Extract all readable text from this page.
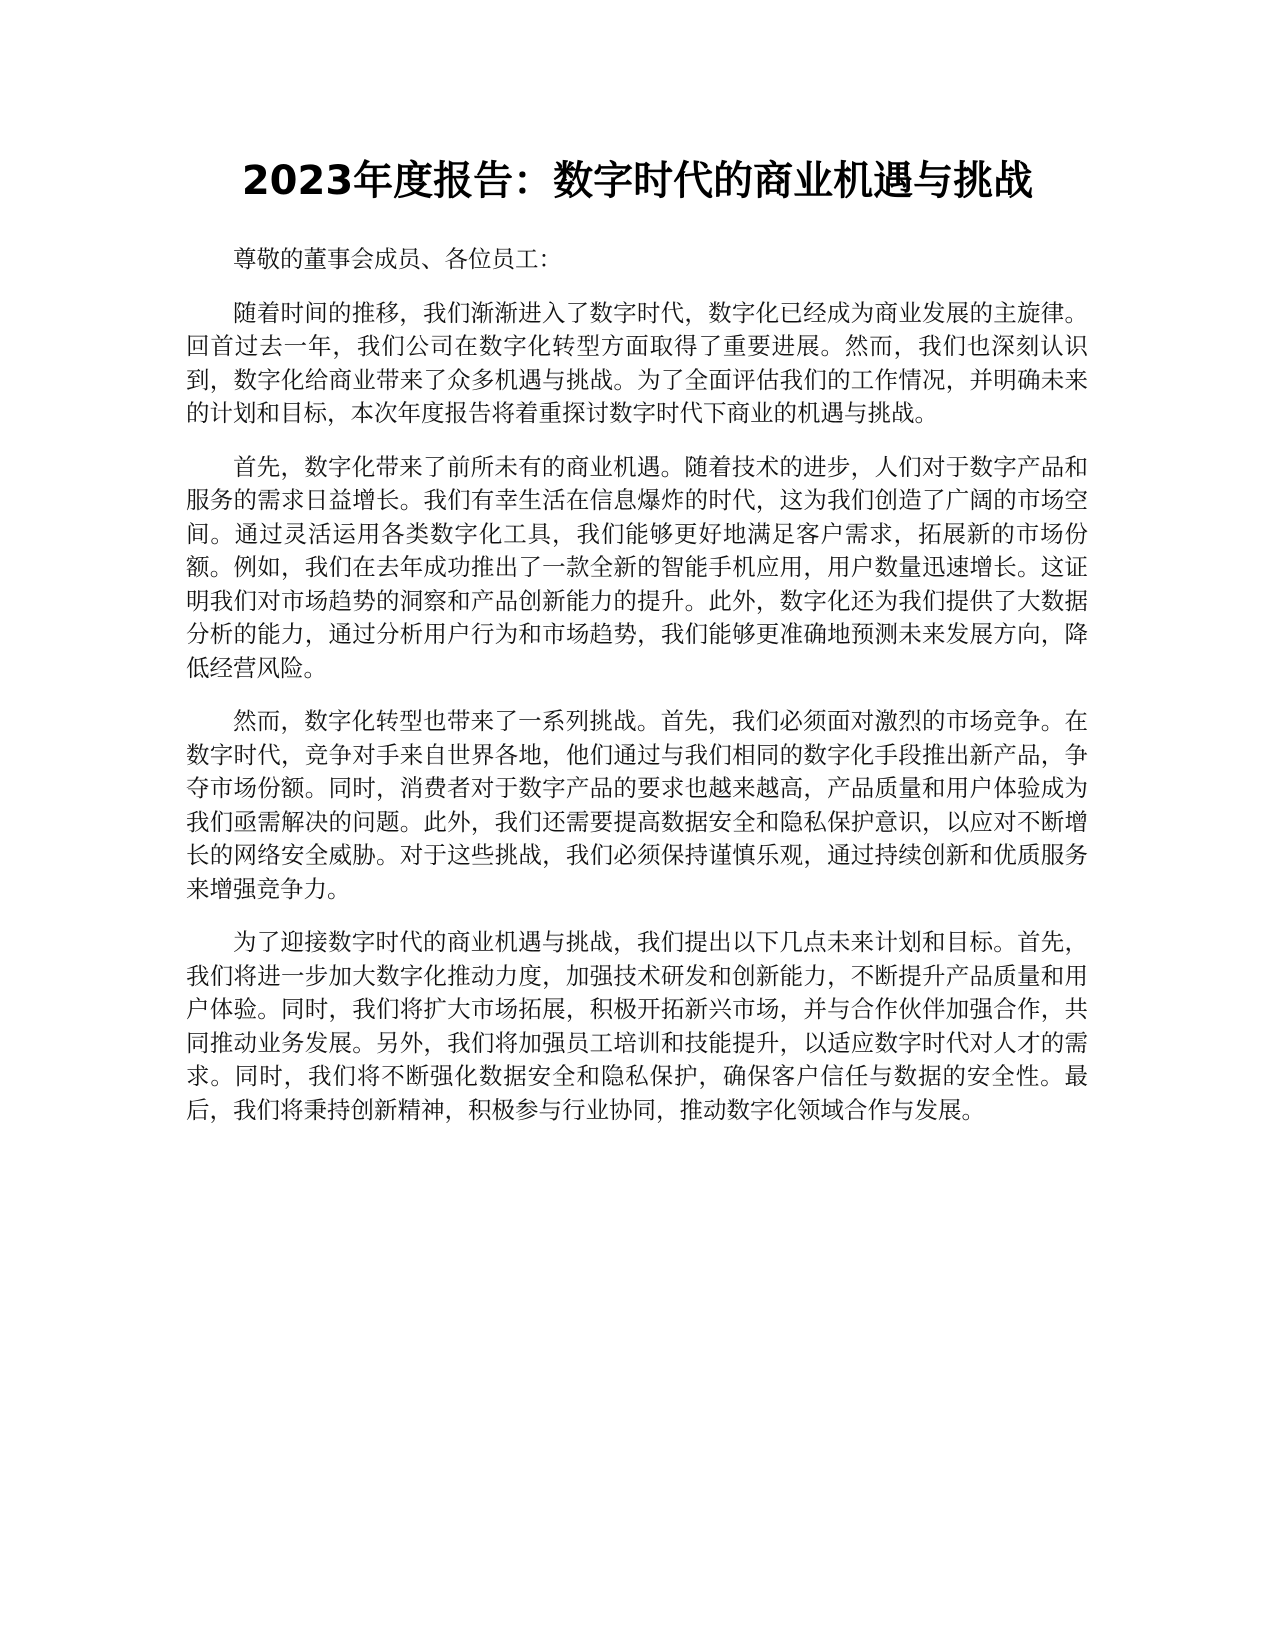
2023年度报告：数字时代的商业机遇与挑战

尊敬的董事会成员、各位员工：

随着时间的推移，我们渐渐进入了数字时代，数字化已经成为商业发展的主旋律。回首过去一年，我们公司在数字化转型方面取得了重要进展。然而，我们也深刻认识到，数字化给商业带来了众多机遇与挑战。为了全面评估我们的工作情况，并明确未来的计划和目标，本次年度报告将着重探讨数字时代下商业的机遇与挑战。

首先，数字化带来了前所未有的商业机遇。随着技术的进步，人们对于数字产品和服务的需求日益增长。我们有幸生活在信息爆炸的时代，这为我们创造了广阔的市场空间。通过灵活运用各类数字化工具，我们能够更好地满足客户需求，拓展新的市场份额。例如，我们在去年成功推出了一款全新的智能手机应用，用户数量迅速增长。这证明我们对市场趋势的洞察和产品创新能力的提升。此外，数字化还为我们提供了大数据分析的能力，通过分析用户行为和市场趋势，我们能够更准确地预测未来发展方向，降低经营风险。

然而，数字化转型也带来了一系列挑战。首先，我们必须面对激烈的市场竞争。在数字时代，竞争对手来自世界各地，他们通过与我们相同的数字化手段推出新产品，争夺市场份额。同时，消费者对于数字产品的要求也越来越高，产品质量和用户体验成为我们亟需解决的问题。此外，我们还需要提高数据安全和隐私保护意识，以应对不断增长的网络安全威胁。对于这些挑战，我们必须保持谨慎乐观，通过持续创新和优质服务来增强竞争力。

为了迎接数字时代的商业机遇与挑战，我们提出以下几点未来计划和目标。首先，我们将进一步加大数字化推动力度，加强技术研发和创新能力，不断提升产品质量和用户体验。同时，我们将扩大市场拓展，积极开拓新兴市场，并与合作伙伴加强合作，共同推动业务发展。另外，我们将加强员工培训和技能提升，以适应数字时代对人才的需求。同时，我们将不断强化数据安全和隐私保护，确保客户信任与数据的安全性。最后，我们将秉持创新精神，积极参与行业协同，推动数字化领域合作与发展。
